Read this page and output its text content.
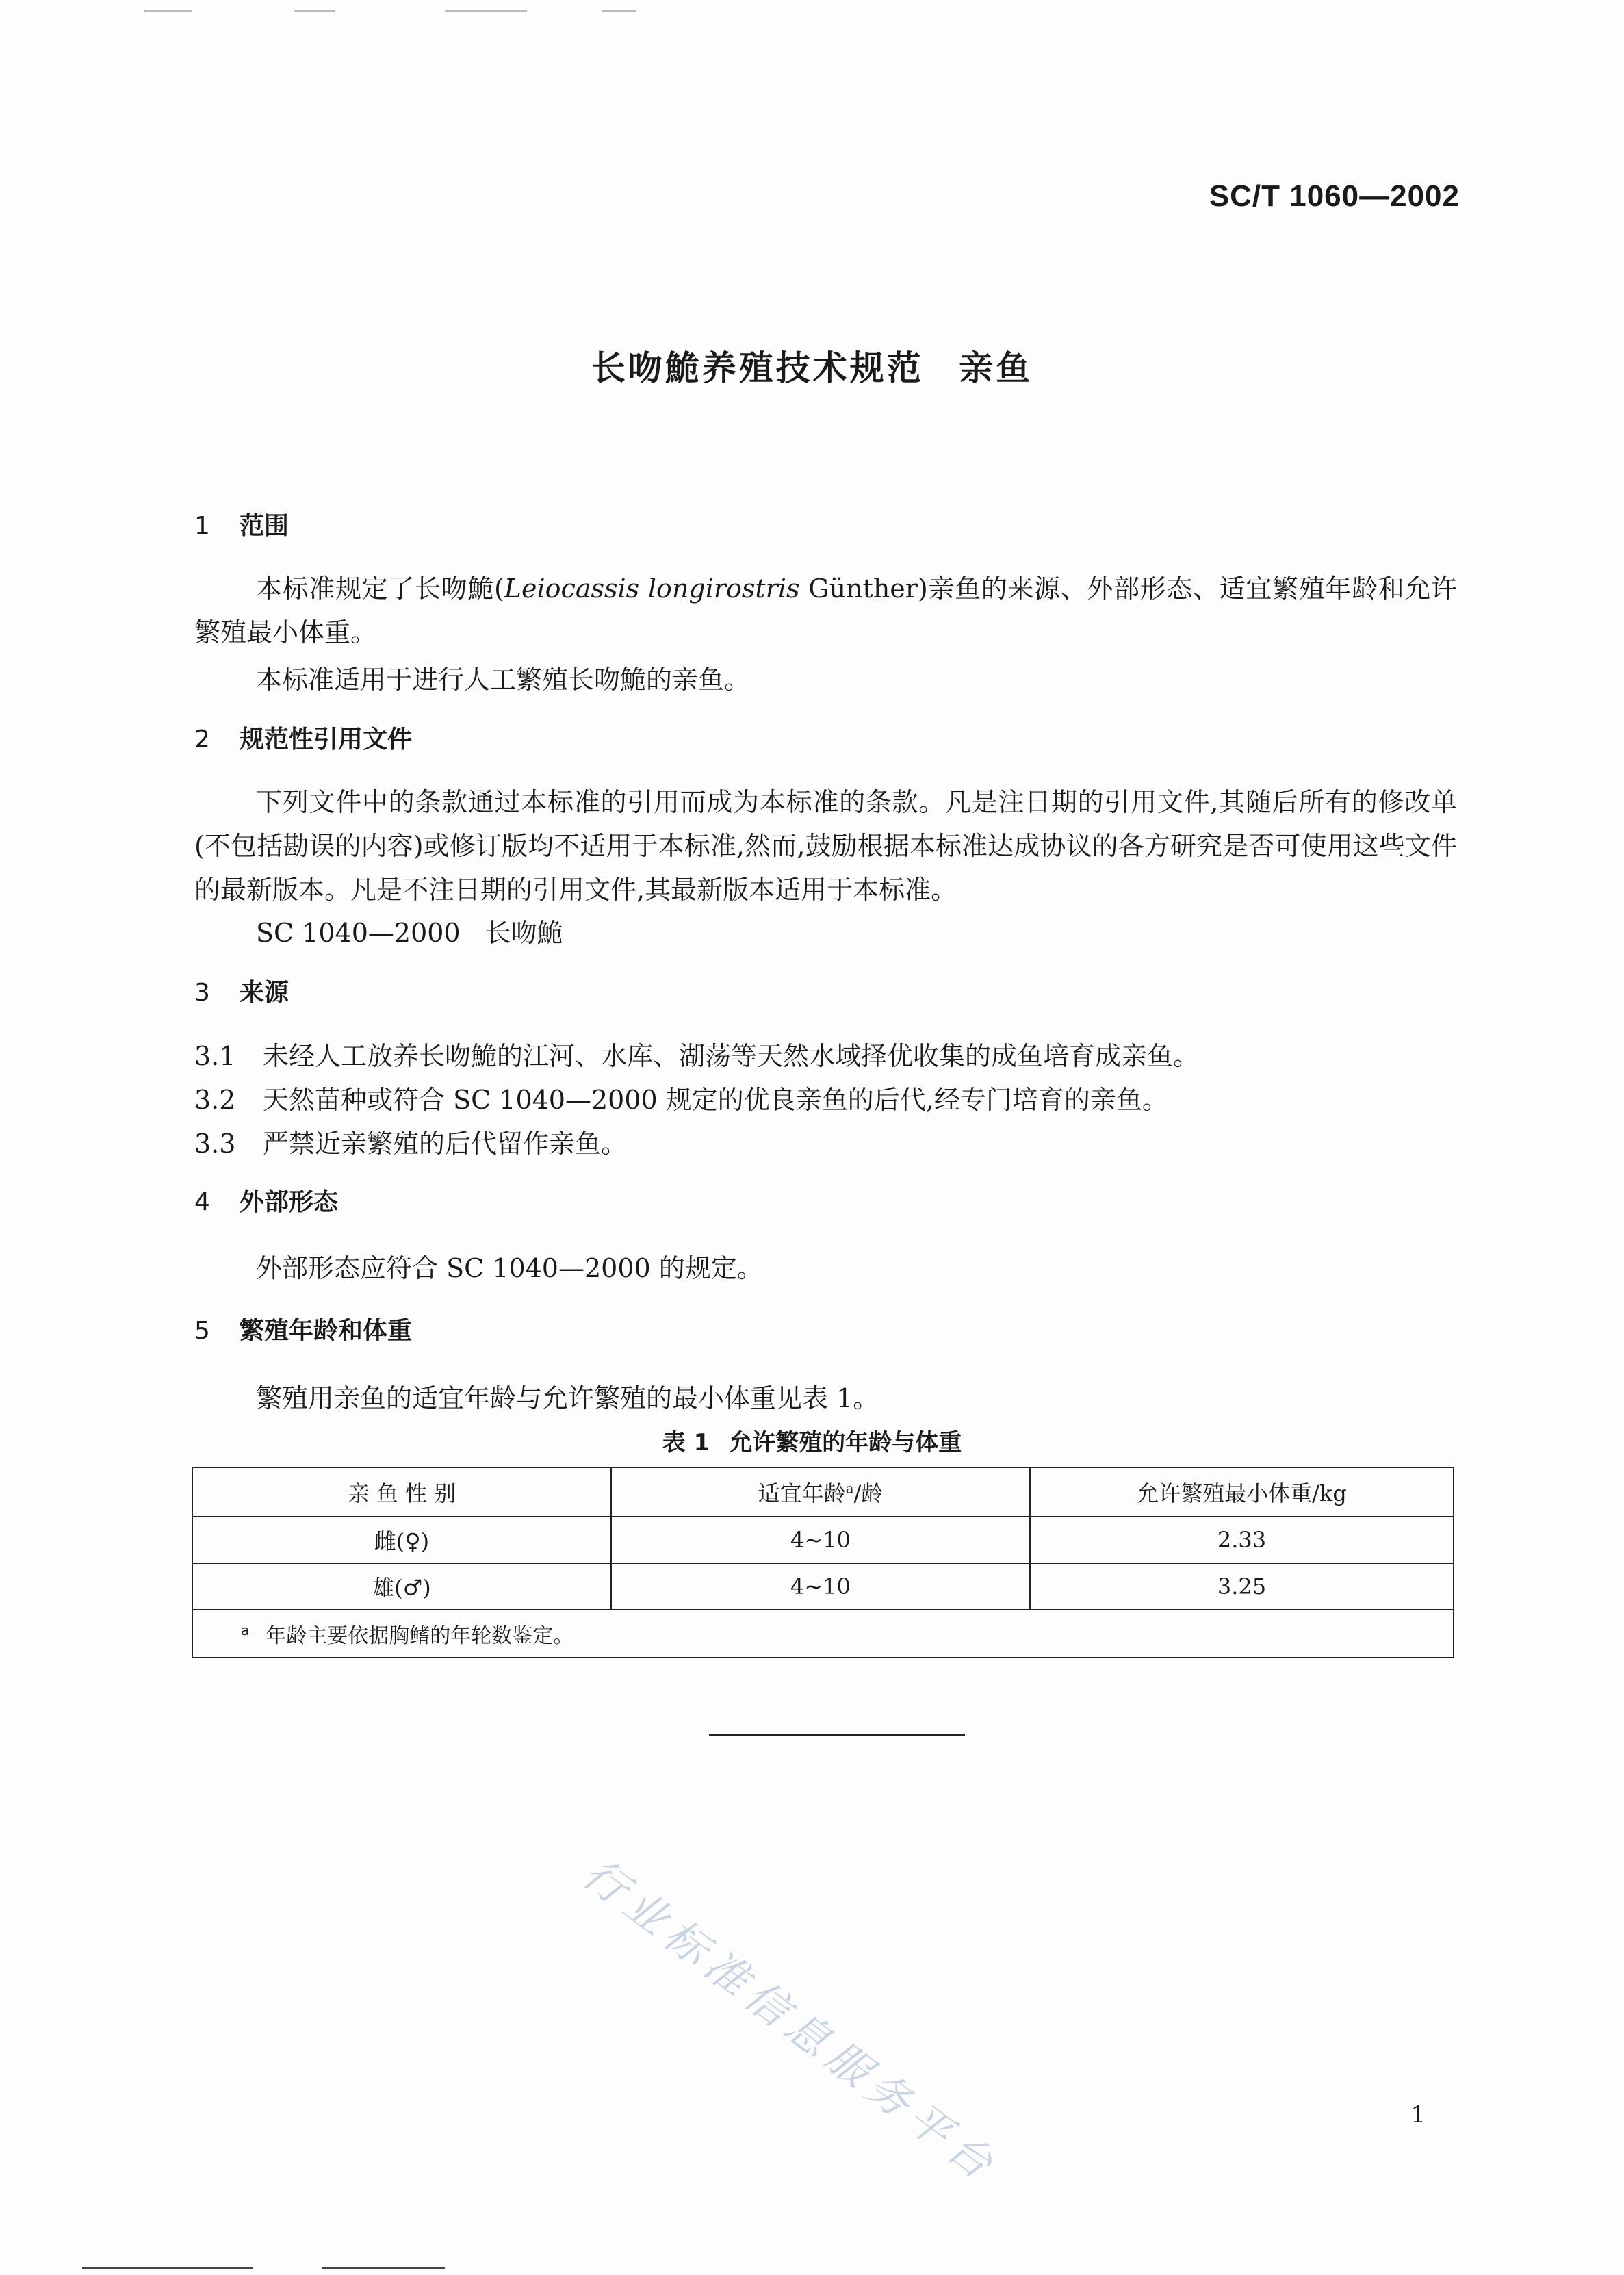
SC/T 1060—2002
长吻鮠养殖技术规范 亲鱼
1 范围
本标准规定了长吻鮠(Leiocassis longirostris Günther)亲鱼的来源、外部形态、适宜繁殖年龄和允许繁殖最小体重。
本标准适用于进行人工繁殖长吻鮠的亲鱼。
2 规范性引用文件
下列文件中的条款通过本标准的引用而成为本标准的条款。凡是注日期的引用文件,其随后所有的修改单(不包括勘误的内容)或修订版均不适用于本标准,然而,鼓励根据本标准达成协议的各方研究是否可使用这些文件的最新版本。凡是不注日期的引用文件,其最新版本适用于本标准。
SC 1040—2000 长吻鮠
3 来源
3.1 未经人工放养长吻鮠的江河、水库、湖荡等天然水域择优收集的成鱼培育成亲鱼。
3.2 天然苗种或符合 SC 1040—2000 规定的优良亲鱼的后代,经专门培育的亲鱼。
3.3 严禁近亲繁殖的后代留作亲鱼。
4 外部形态
外部形态应符合 SC 1040—2000 的规定。
5 繁殖年龄和体重
繁殖用亲鱼的适宜年龄与允许繁殖的最小体重见表 1。
表 1 允许繁殖的年龄与体重
亲 鱼 性 别	适宜年龄$^a$/龄	允许繁殖最小体重/kg
雌(♀)	4~10	2.33
雄(♂)	4~10	3.25
$^a$ 年龄主要依据胸鳍的年轮数鉴定。		
行业标准信息服务平台	1
